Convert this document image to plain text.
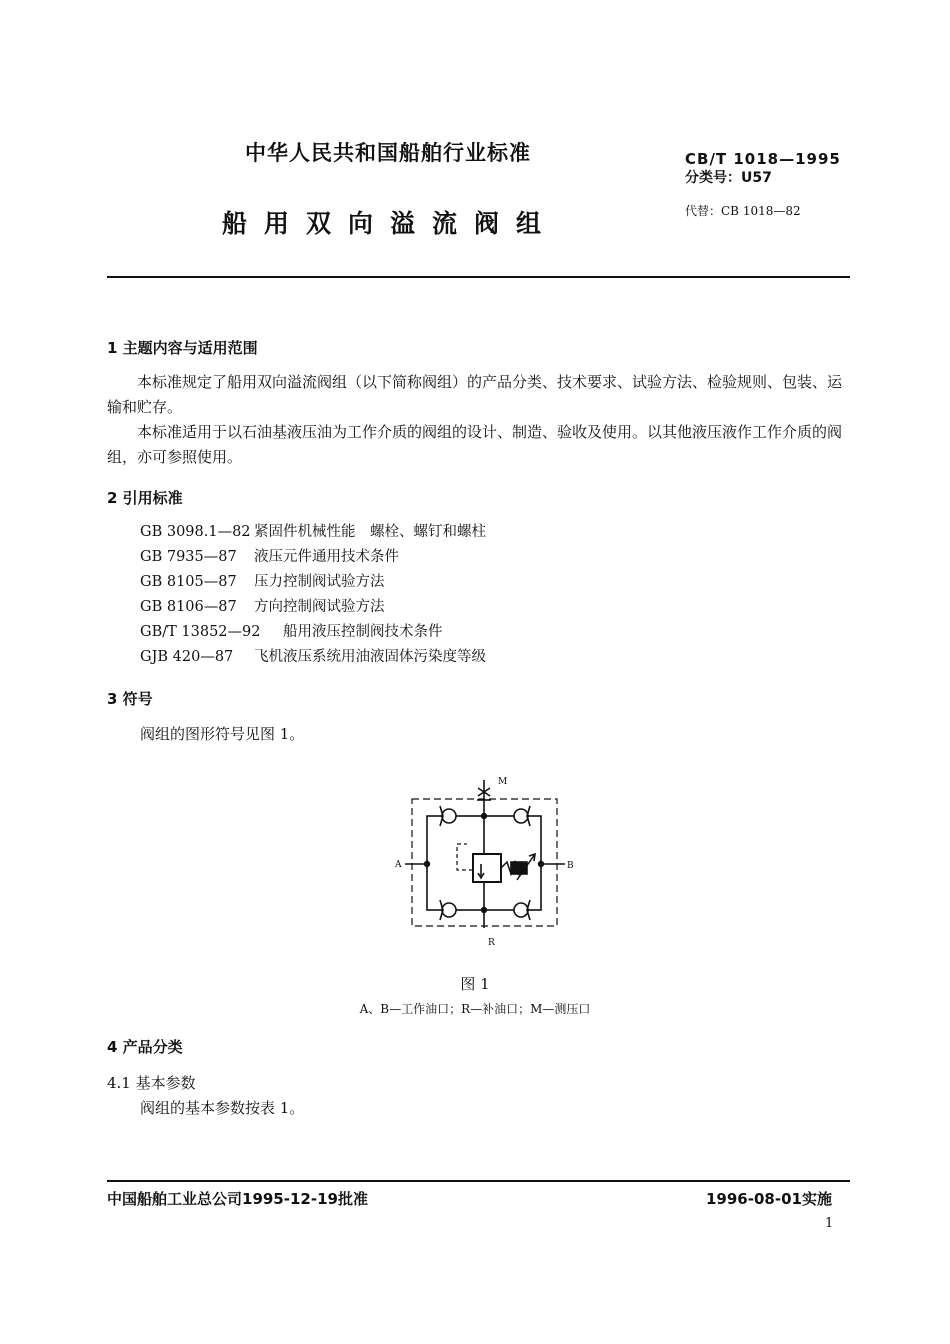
中华人民共和国船舶行业标准
船用双向溢流阀组
CB/T 1018—1995
分类号：U57
代替：CB 1018—82
1 主题内容与适用范围

本标准规定了船用双向溢流阀组（以下简称阀组）的产品分类、技术要求、试验方法、检验规则、包装、运输和贮存。

本标准适用于以石油基液压油为工作介质的阀组的设计、制造、验收及使用。以其他液压液作工作介质的阀组，亦可参照使用。

2 引用标准
GB 3098.1—82 紧固件机械性能　螺栓、螺钉和螺柱
GB 7935—87	液压元件通用技术条件
GB 8105—87	压力控制阀试验方法
GB 8106—87	方向控制阀试验方法
GB/T 13852—92	船用液压控制阀技术条件
GJB 420—87	飞机液压系统用油液固体污染度等级
3 符号
阀组的图形符号见图 1。
M
A	B
R
图 1
A、B—工作油口；R—补油口；M—测压口
4 产品分类
4.1 基本参数
阀组的基本参数按表 1。
中国船舶工业总公司1995-12-19批准	1996-08-01实施
1
